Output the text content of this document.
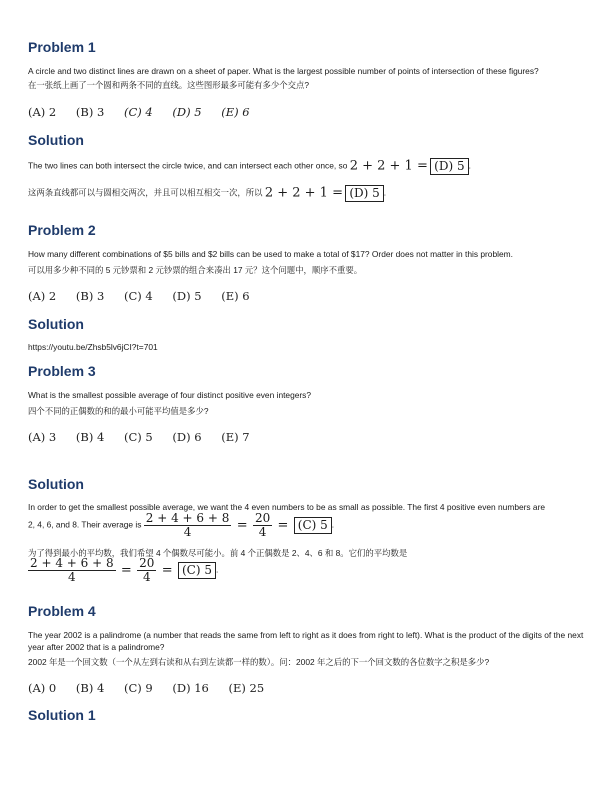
Problem 1

A circle and two distinct lines are drawn on a sheet of paper. What is the largest possible number of points of intersection of these figures?

在一张纸上画了一个圆和两条不同的直线。这些图形最多可能有多少个交点?

(A) 2 (B) 3 (C) 4 (D) 5 (E) 6

Solution

The two lines can both intersect the circle twice, and can intersect each other once, so 2 + 2 + 1 = (D) 5 .

这两条直线都可以与圆相交两次，并且可以相互相交一次，所以 2 + 2 + 1 = (D) 5 .

Problem 2

How many different combinations of $5 bills and $2 bills can be used to make a total of $17? Order does not matter in this problem.

可以用多少种不同的 5 元钞票和 2 元钞票的组合来凑出 17 元？这个问题中，顺序不重要。

(A) 2 (B) 3 (C) 4 (D) 5 (E) 6

Solution

https://youtu.be/Zhsb5lv6jCI?t=701

Problem 3

What is the smallest possible average of four distinct positive even integers?

四个不同的正偶数的和的最小可能平均值是多少?

(A) 3 (B) 4 (C) 5 (D) 6 (E) 7

Solution

In order to get the smallest possible average, we want the 4 even numbers to be as small as possible. The first 4 positive even numbers are

2, 4, 6, and 8. Their average is $\frac{2 + 4 + 6 + 8}{4} = \frac{20}{4} = (C)$ 5 .

为了得到最小的平均数，我们希望 4 个偶数尽可能小。前 4 个正偶数是 2、4、6 和 8。它们的平均数是

$\frac{2 + 4 + 6 + 8}{4} = \frac{20}{4} = (C)$ 5 .

Problem 4

The year 2002 is a palindrome (a number that reads the same from left to right as it does from right to left). What is the product of the digits of the next year after 2002 that is a palindrome?

2002 年是一个回文数（一个从左到右读和从右到左读都一样的数）。问：2002 年之后的下一个回文数的各位数字之积是多少?

(A) 0 (B) 4 (C) 9 (D) 16 (E) 25

Solution 1
